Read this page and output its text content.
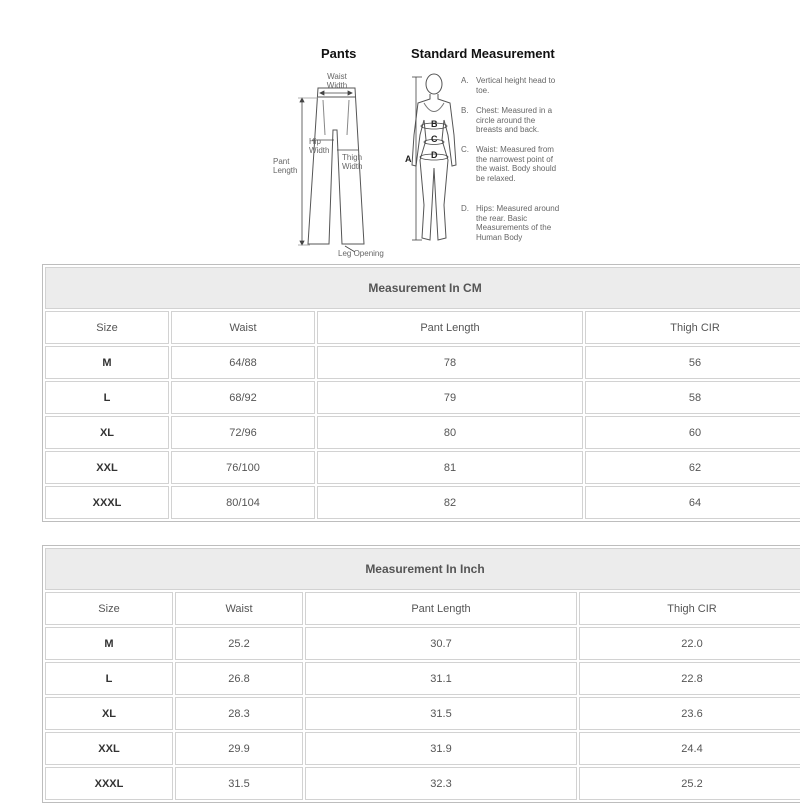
Pants	Standard Measurement
Waist Width
Hip Width
Thigh Width
Pant Length
Leg Opening
A
B
C
D
A. Vertical height head to toe.
B. Chest: Measured in a circle around the breasts and back.
C. Waist: Measured from the narrowest point of the waist. Body should be relaxed.
D. Hips: Measured around the rear. Basic Measurements of the Human Body
Measurement In CM			
Size	Waist	Pant Length	Thigh CIR
M	64/88	78	56
L	68/92	79	58
XL	72/96	80	60
XXL	76/100	81	62
XXXL	80/104	82	64
Measurement In Inch			
Size	Waist	Pant Length	Thigh CIR
M	25.2	30.7	22.0
L	26.8	31.1	22.8
XL	28.3	31.5	23.6
XXL	29.9	31.9	24.4
XXXL	31.5	32.3	25.2
